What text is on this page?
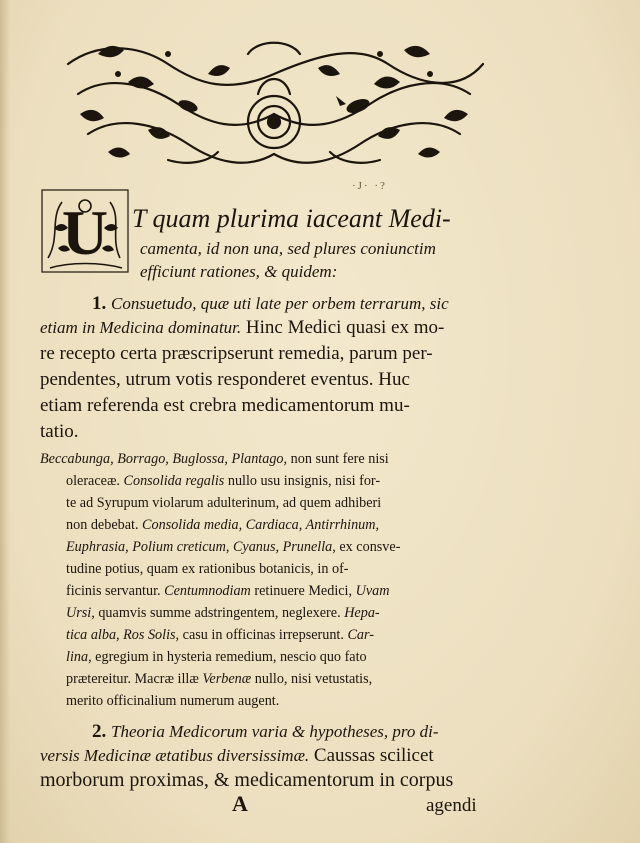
·J· ·?
U T quam plurima iaceant Medi-
camenta, id non una, sed plures coniunctim
efficiunt rationes, & quidem:
1. Consuetudo, quæ uti late per orbem terrarum, sic
etiam in Medicina dominatur. Hinc Medici quasi ex mo-
re recepto certa præscripserunt remedia, parum per-
pendentes, utrum votis responderet eventus. Huc
etiam referenda est crebra medicamentorum mu-
tatio.
Beccabunga, Borrago, Buglossa, Plantago, non sunt fere nisi
oleraceæ. Consolida regalis nullo usu insignis, nisi for-
te ad Syrupum violarum adulterinum, ad quem adhiberi
non debebat. Consolida media, Cardiaca, Antirrhinum,
Euphrasia, Polium creticum, Cyanus, Prunella, ex consve-
tudine potius, quam ex rationibus botanicis, in of-
ficinis servantur. Centumnodiam retinuere Medici, Uvam
Ursi, quamvis summe adstringentem, neglexere. Hepa-
tica alba, Ros Solis, casu in officinas irrepserunt. Car-
lina, egregium in hysteria remedium, nescio quo fato
prætereitur. Macræ illæ Verbenæ nullo, nisi vetustatis,
merito officinalium numerum augent.
2. Theoria Medicorum varia & hypotheses, pro di-
versis Medicinæ ætatibus diversissimæ. Caussas scilicet
morborum proximas, & medicamentorum in corpus
A	agendi
